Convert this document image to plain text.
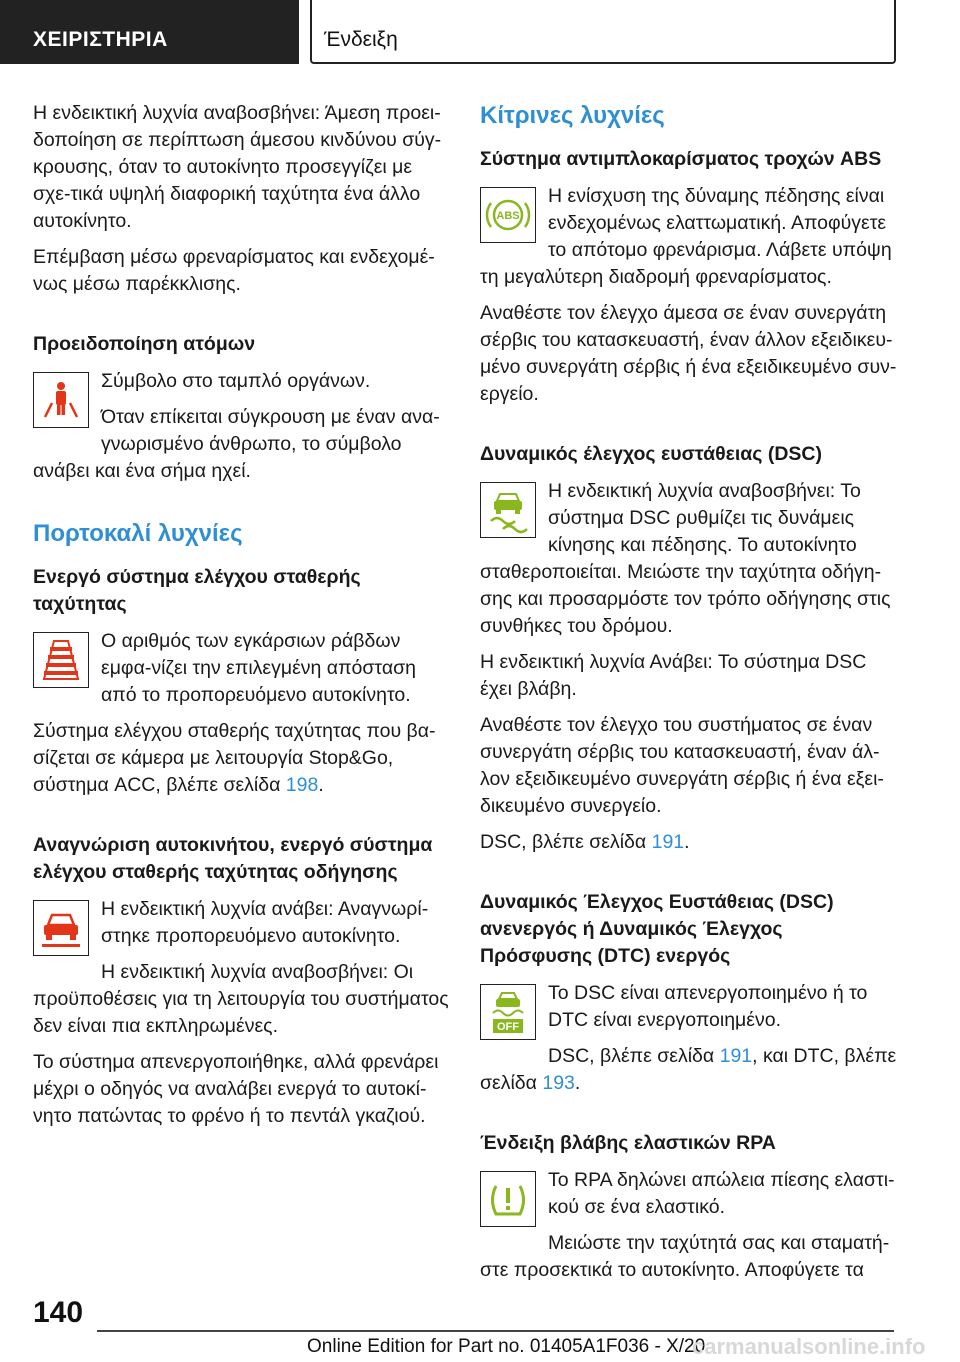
ΧΕΙΡΙΣΤΗΡΙΑ	Ένδειξη

Η ενδεικτική λυχνία αναβοσβήνει: Άμεση προει-δοποίηση σε περίπτωση άμεσου κινδύνου σύγ-κρουσης, όταν το αυτοκίνητο προσεγγίζει με σχε-τικά υψηλή διαφορική ταχύτητα ένα άλλο αυτοκίνητο.

Επέμβαση μέσω φρεναρίσματος και ενδεχομέ-νως μέσω παρέκκλισης.

Προειδοποίηση ατόμων

Σύμβολο στο ταμπλό οργάνων.

Όταν επίκειται σύγκρουση με έναν ανα-γνωρισμένο άνθρωπο, το σύμβολο ανάβει και ένα σήμα ηχεί.

Πορτοκαλί λυχνίες
Ενεργό σύστημα ελέγχου σταθερής ταχύτητας

Ο αριθμός των εγκάρσιων ράβδων εμφα-νίζει την επιλεγμένη απόσταση από το προπορευόμενο αυτοκίνητο.

Σύστημα ελέγχου σταθερής ταχύτητας που βα-σίζεται σε κάμερα με λειτουργία Stop&Go, σύστημα ACC, βλέπε σελίδα 198.

Αναγνώριση αυτοκινήτου, ενεργό σύστημα ελέγχου σταθερής ταχύτητας οδήγησης

Η ενδεικτική λυχνία ανάβει: Αναγνωρί-στηκε προπορευόμενο αυτοκίνητο.

Η ενδεικτική λυχνία αναβοσβήνει: Οι προϋποθέσεις για τη λειτουργία του συστήματος δεν είναι πια εκπληρωμένες.

Το σύστημα απενεργοποιήθηκε, αλλά φρενάρει μέχρι ο οδηγός να αναλάβει ενεργά το αυτοκί-νητο πατώντας το φρένο ή το πεντάλ γκαζιού.

Κίτρινες λυχνίες
Σύστημα αντιμπλοκαρίσματος τροχών ABS
ABS

Η ενίσχυση της δύναμης πέδησης είναι ενδεχομένως ελαττωματική. Αποφύγετε το απότομο φρενάρισμα. Λάβετε υπόψη τη μεγαλύτερη διαδρομή φρεναρίσματος.

Αναθέστε τον έλεγχο άμεσα σε έναν συνεργάτη σέρβις του κατασκευαστή, έναν άλλον εξειδικευ-μένο συνεργάτη σέρβις ή ένα εξειδικευμένο συν-εργείο.

Δυναμικός έλεγχος ευστάθειας (DSC)

Η ενδεικτική λυχνία αναβοσβήνει: Το σύστημα DSC ρυθμίζει τις δυνάμεις κίνησης και πέδησης. Το αυτοκίνητο σταθεροποιείται. Μειώστε την ταχύτητα οδήγη-σης και προσαρμόστε τον τρόπο οδήγησης στις συνθήκες του δρόμου.

Η ενδεικτική λυχνία Ανάβει: Το σύστημα DSC έχει βλάβη.

Αναθέστε τον έλεγχο του συστήματος σε έναν συνεργάτη σέρβις του κατασκευαστή, έναν άλ-λον εξειδικευμένο συνεργάτη σέρβις ή ένα εξει-δικευμένο συνεργείο.

DSC, βλέπε σελίδα 191.

Δυναμικός Έλεγχος Ευστάθειας (DSC) ανενεργός ή Δυναμικός Έλεγχος Πρόσφυσης (DTC) ενεργός
OFF

Το DSC είναι απενεργοποιημένο ή το DTC είναι ενεργοποιημένο.

DSC, βλέπε σελίδα 191, και DTC, βλέπε σελίδα 193.

Ένδειξη βλάβης ελαστικών RPA

Το RPA δηλώνει απώλεια πίεσης ελαστι-κού σε ένα ελαστικό.

Μειώστε την ταχύτητά σας και σταματή-στε προσεκτικά το αυτοκίνητο. Αποφύγετε τα

140
Online Edition for Part no. 01405A1F036 - X/20
carmanualsonline.info
